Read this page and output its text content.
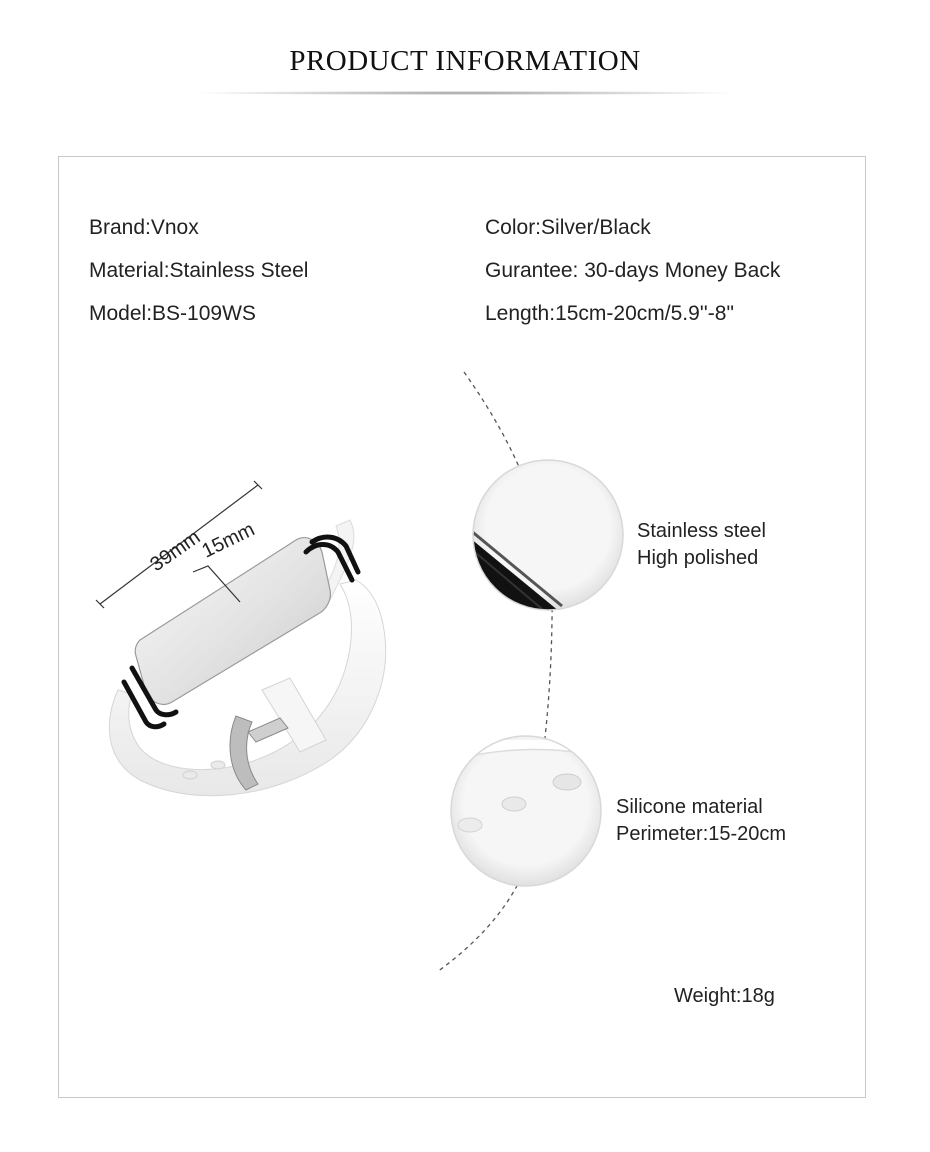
PRODUCT INFORMATION
Brand:Vnox
Material:Stainless Steel
Model:BS-109WS
Color:Silver/Black
Gurantee: 30-days Money Back
Length:15cm-20cm/5.9''-8"
39mm
15mm	Stainless steel
High polished
Silicone material
Perimeter:15-20cm
Weight:18g
